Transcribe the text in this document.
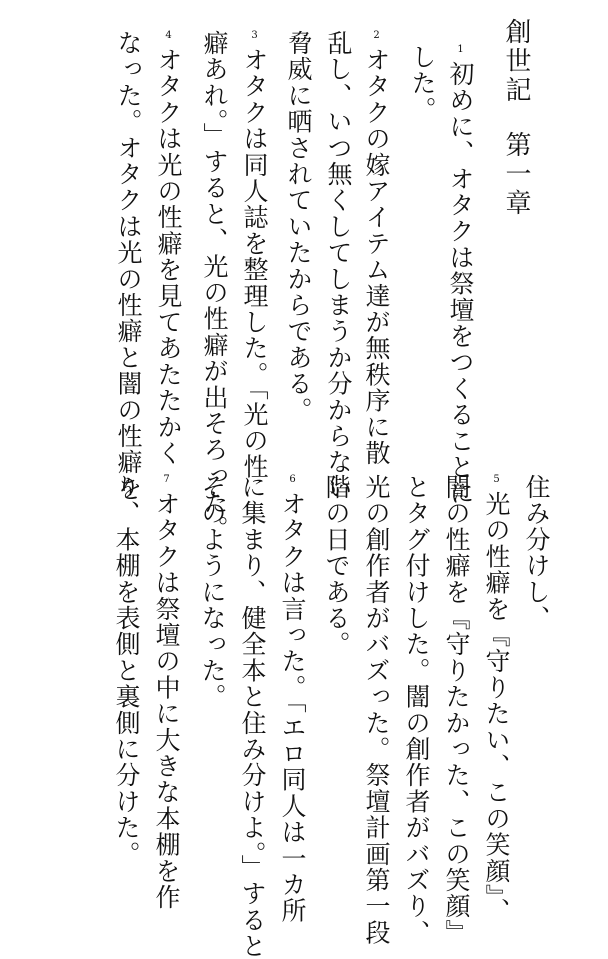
創世記第一章

1初めに、オタクは祭壇をつくることに

した。

2オタクの嫁アイテム達が無秩序に散

乱し、いつ無くしてしまうか分からない

脅威に晒されていたからである。

3オタクは同人誌を整理した。「光の性

癖あれ。」すると、光の性癖が出そろった。

4オタクは光の性癖を見てあたたかく

なった。オタクは光の性癖と闇の性癖を

住み分けし、

5光の性癖を『守りたい、この笑顔』、

闇の性癖を『守りたかった、この笑顔』

とタグ付けした。闇の創作者がバズり、

光の創作者がバズった。祭壇計画第一段

階の日である。

6オタクは言った。「エロ同人は一カ所

に集まり、健全本と住み分けよ。」すると

そのようになった。

7オタクは祭壇の中に大きな本棚を作

り、本棚を表側と裏側に分けた。
